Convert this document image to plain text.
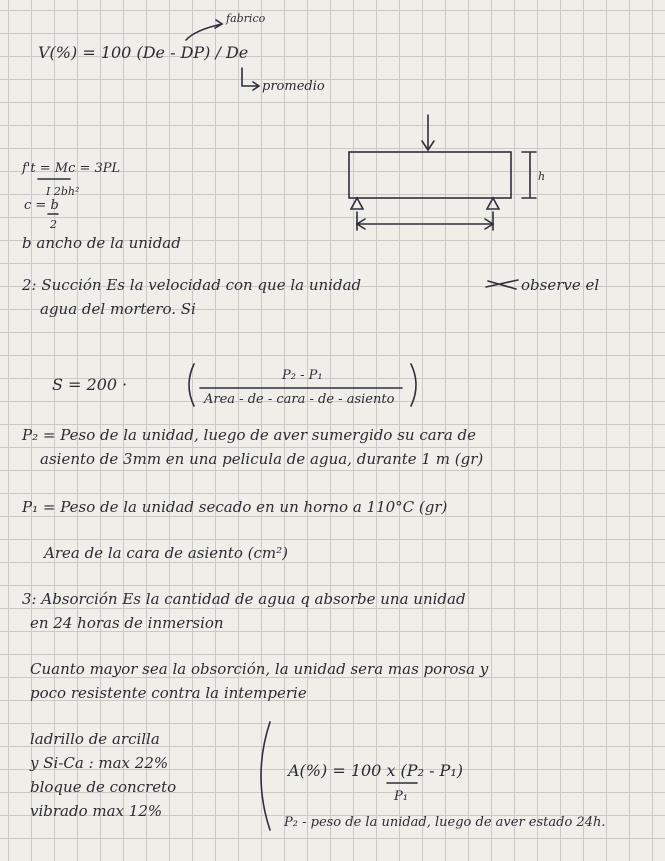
fabrico
V(%) = 100 (De - DP) / De
promedio
f't = Mc = 3PL
I 2bh²
c = b
2
h
b ancho de la unidad
2: Succión Es la velocidad con que la unidad	observe el
agua del mortero. Si
S = 200 ·	P₂ - P₁
Area - de - cara - de - asiento
P₂ = Peso de la unidad, luego de aver sumergido su cara de
asiento de 3mm en una pelicula de agua, durante 1 m (gr)
P₁ = Peso de la unidad secado en un horno a 110°C (gr)
Area de la cara de asiento (cm²)
3: Absorción Es la cantidad de agua q absorbe una unidad
en 24 horas de inmersion
Cuanto mayor sea la obsorción, la unidad sera mas porosa y
poco resistente contra la intemperie
ladrillo de arcilla
y Si-Ca : max 22%
bloque de concreto
vibrado max 12%
A(%) = 100 x (P₂ - P₁)
P₁
P₂ - peso de la unidad, luego de aver estado 24h.
